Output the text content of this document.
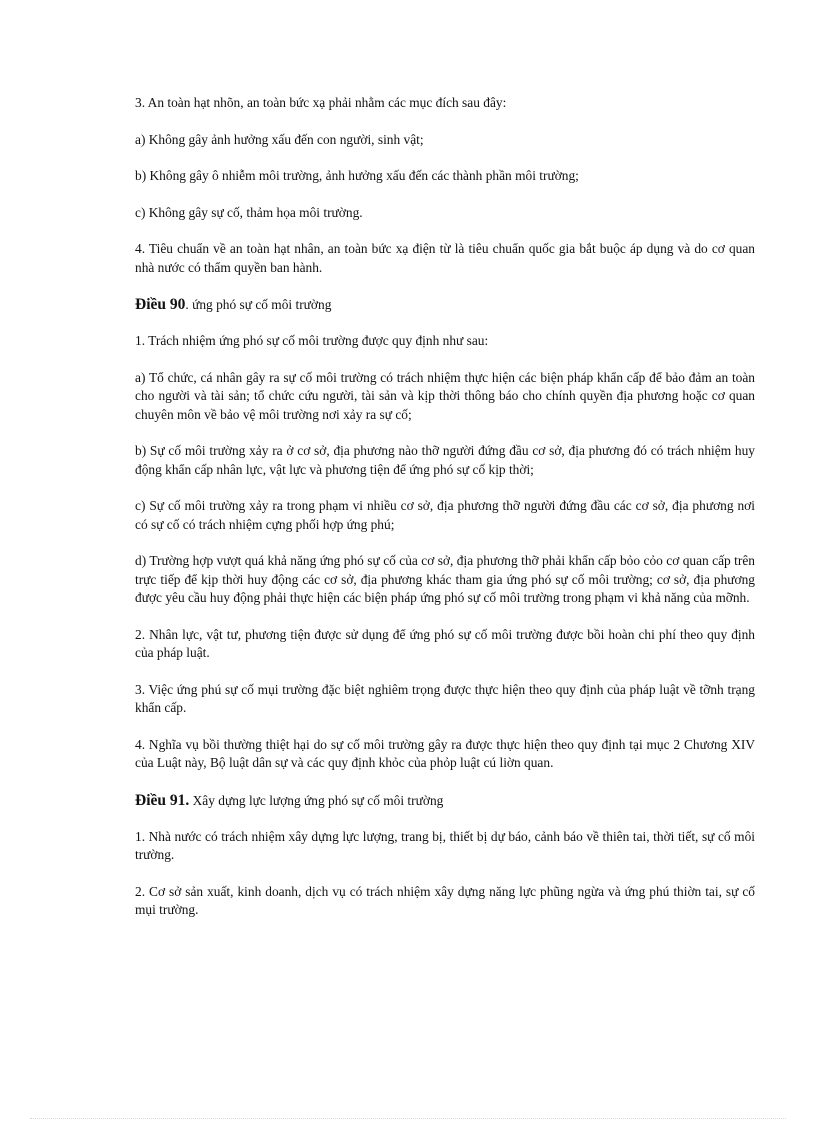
3. An toàn hạt nhõn, an toàn bức xạ phải nhằm các mục đích sau đây:

a) Không gây ảnh hưởng xấu đến con người, sinh vật;

b) Không gây ô nhiễm môi trường, ảnh hưởng xấu đến các thành phần môi trường;

c) Không gây sự cố, thảm họa môi trường.

4. Tiêu chuẩn về an toàn hạt nhân, an toàn bức xạ điện từ là tiêu chuẩn quốc gia bắt buộc áp dụng và do cơ quan nhà nước có thẩm quyền ban hành.

Điều 90. ứng phó sự cố môi trường

1. Trách nhiệm ứng phó sự cố môi trường được quy định như sau:

a) Tổ chức, cá nhân gây ra sự cố môi trường có trách nhiệm thực hiện các biện pháp khẩn cấp để bảo đảm an toàn cho người và tài sản; tổ chức cứu người, tài sản và kịp thời thông báo cho chính quyền địa phương hoặc cơ quan chuyên môn về bảo vệ môi trường nơi xảy ra sự cố;

b) Sự cố môi trường xảy ra ở cơ sở, địa phương nào thỡ người đứng đầu cơ sở, địa phương đó có trách nhiệm huy động khẩn cấp nhân lực, vật lực và phương tiện để ứng phó sự cố kịp thời;

c) Sự cố môi trường xảy ra trong phạm vi nhiều cơ sở, địa phương thỡ người đứng đầu các cơ sở, địa phương nơi có sự cố có trách nhiệm cựng phối hợp ứng phú;

d) Trường hợp vượt quá khả năng ứng phó sự cố của cơ sở, địa phương thỡ phải khẩn cấp bỏo cỏo cơ quan cấp trên trực tiếp để kịp thời huy động các cơ sở, địa phương khác tham gia ứng phó sự cố môi trường; cơ sở, địa phương được yêu cầu huy động phải thực hiện các biện pháp ứng phó sự cố môi trường trong phạm vi khả năng của mỡnh.

2. Nhân lực, vật tư, phương tiện được sử dụng để ứng phó sự cố môi trường được bồi hoàn chi phí theo quy định của pháp luật.

3. Việc ứng phú sự cố mụi trường đặc biệt nghiêm trọng được thực hiện theo quy định của pháp luật về tỡnh trạng khẩn cấp.

4. Nghĩa vụ bồi thường thiệt hại do sự cố môi trường gây ra được thực hiện theo quy định tại mục 2 Chương XIV của Luật này, Bộ luật dân sự và các quy định khỏc của phỏp luật cú liờn quan.

Điều 91. Xây dựng lực lượng ứng phó sự cố môi trường

1. Nhà nước có trách nhiệm xây dựng lực lượng, trang bị, thiết bị dự báo, cảnh báo về thiên tai, thời tiết, sự cố môi trường.

2. Cơ sở sản xuất, kinh doanh, dịch vụ có trách nhiệm xây dựng năng lực phũng ngừa và ứng phú thiờn tai, sự cố mụi trường.
